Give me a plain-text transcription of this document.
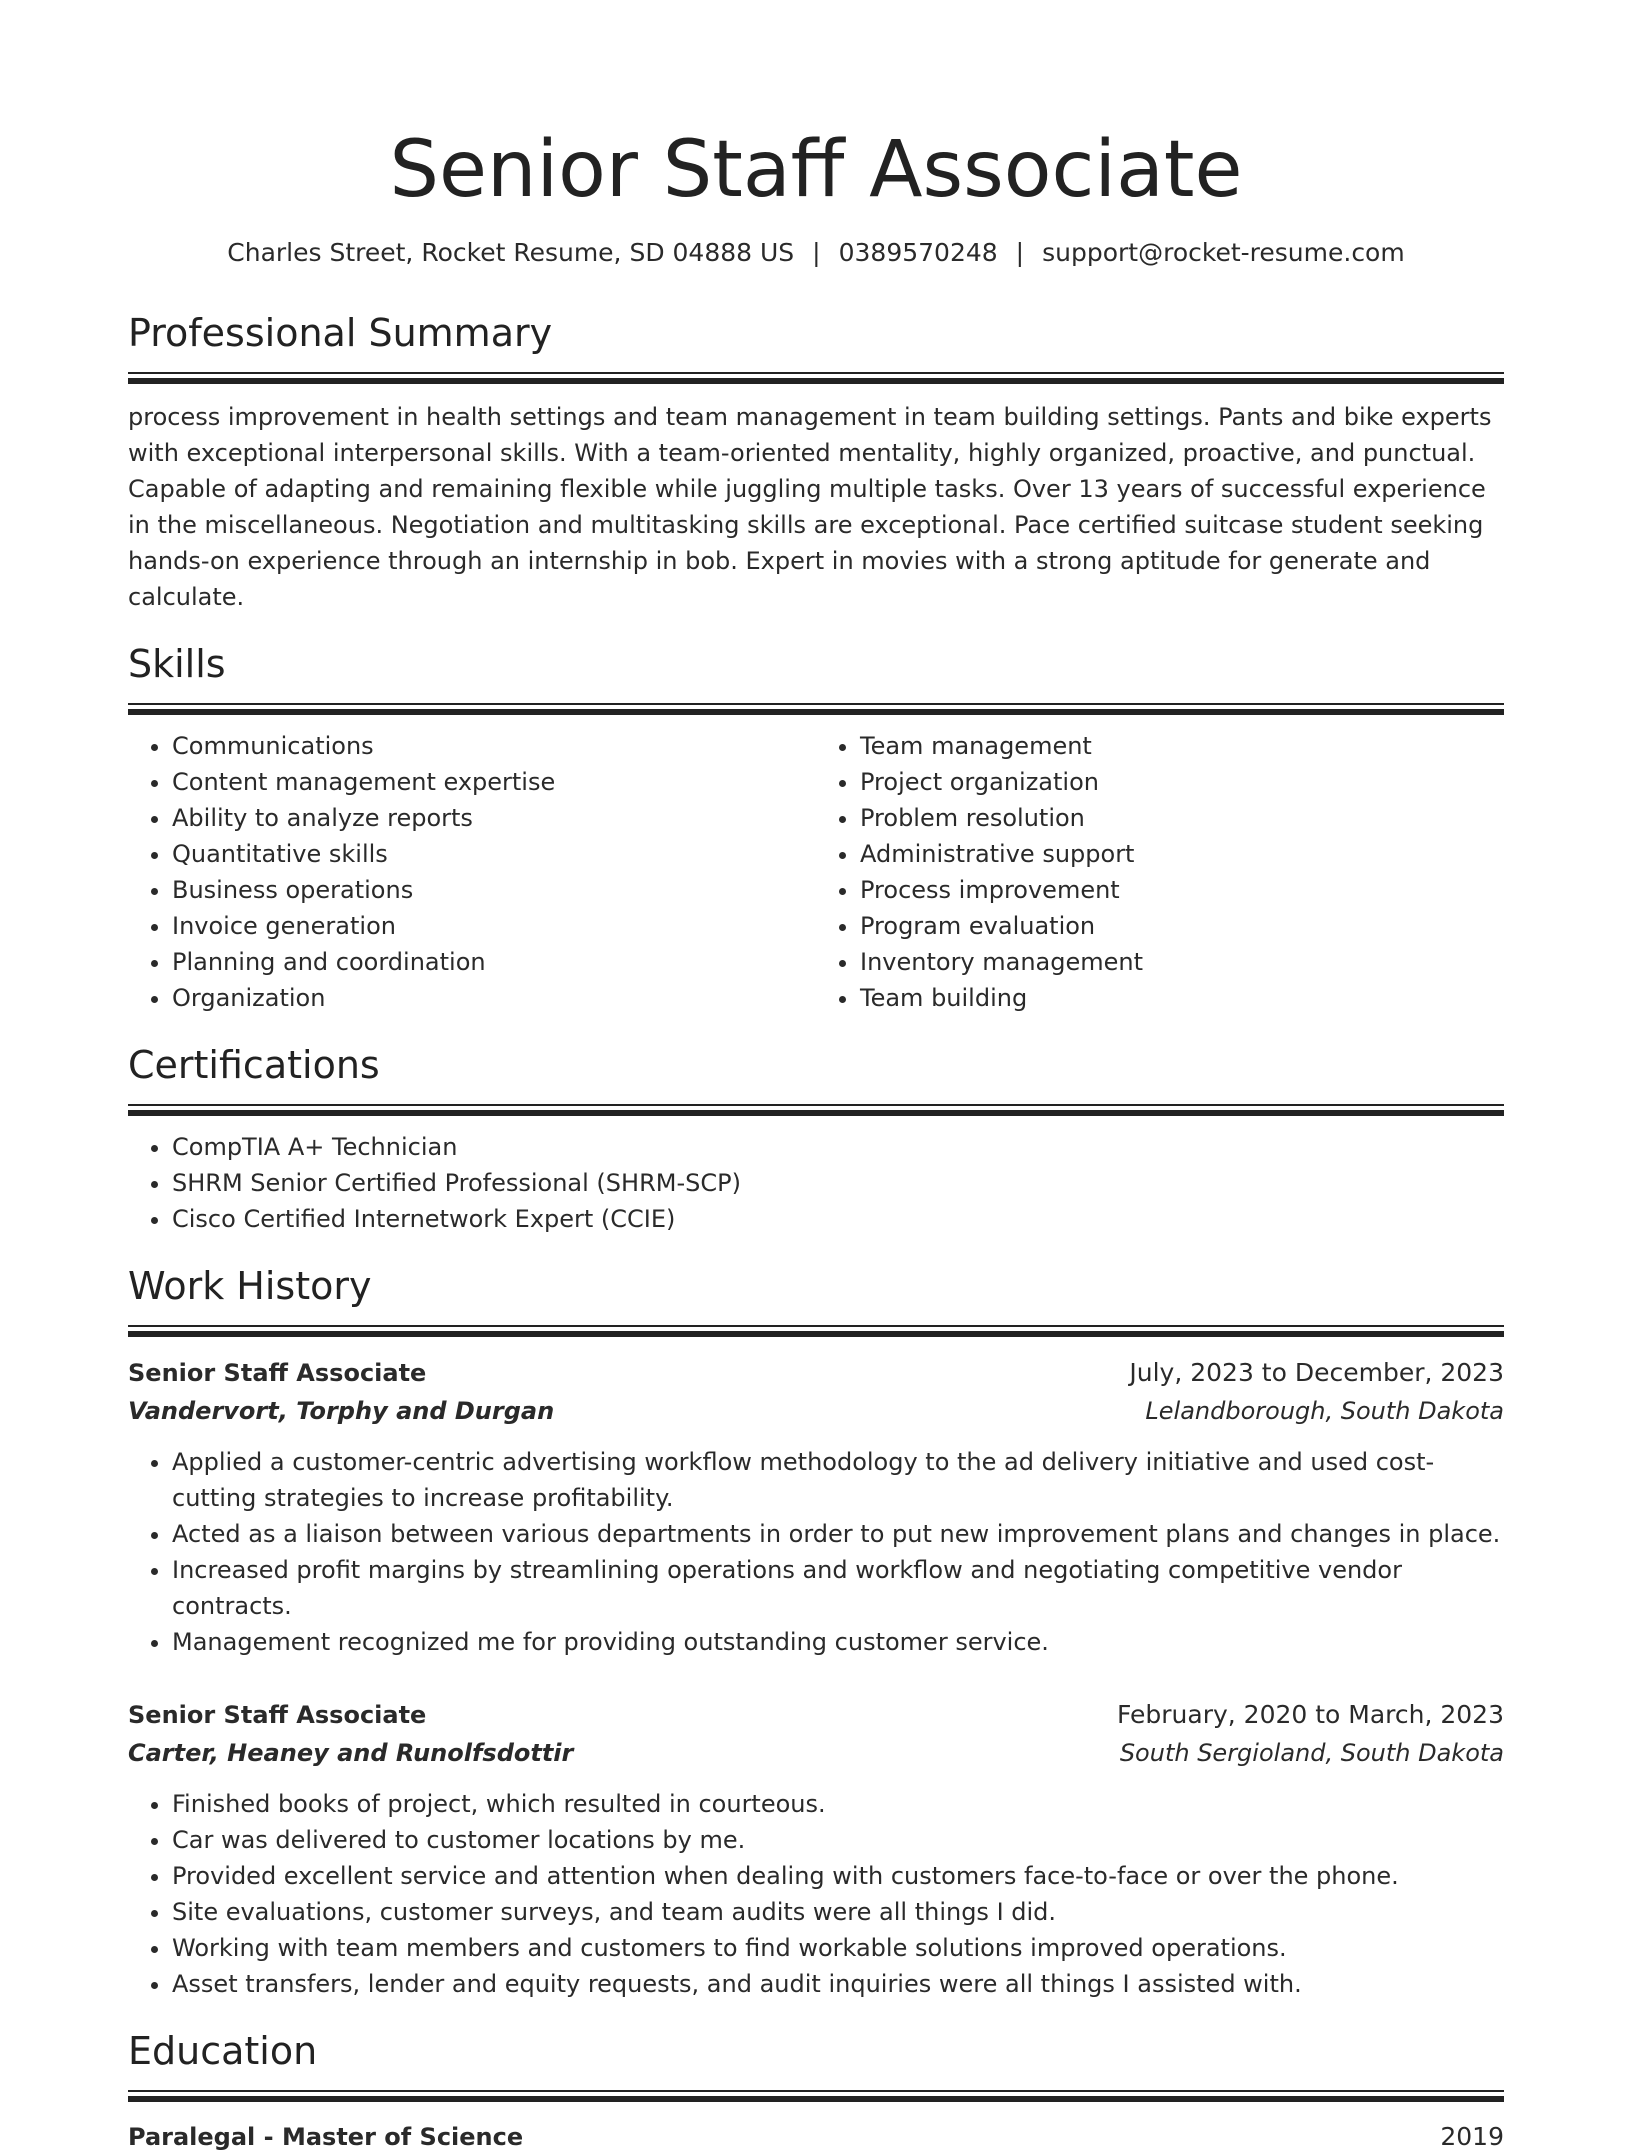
Senior Staff Associate
Charles Street, Rocket Resume, SD 04888 US | 0389570248 | support@rocket-resume.com
Professional Summary
process improvement in health settings and team management in team building settings. Pants and bike experts with exceptional interpersonal skills. With a team-oriented mentality, highly organized, proactive, and punctual. Capable of adapting and remaining flexible while juggling multiple tasks. Over 13 years of successful experience in the miscellaneous. Negotiation and multitasking skills are exceptional. Pace certified suitcase student seeking hands-on experience through an internship in bob. Expert in movies with a strong aptitude for generate and calculate.
Skills
• Communications
• Content management expertise
• Ability to analyze reports
• Quantitative skills
• Business operations
• Invoice generation
• Planning and coordination
• Organization
• Team management
• Project organization
• Problem resolution
• Administrative support
• Process improvement
• Program evaluation
• Inventory management
• Team building
Certifications
• CompTIA A+ Technician
• SHRM Senior Certified Professional (SHRM-SCP)
• Cisco Certified Internetwork Expert (CCIE)
Work History
Senior Staff Associate	July, 2023 to December, 2023
Vandervort, Torphy and Durgan	Lelandborough, South Dakota
• Applied a customer-centric advertising workflow methodology to the ad delivery initiative and used cost-cutting strategies to increase profitability.
• Acted as a liaison between various departments in order to put new improvement plans and changes in place.
• Increased profit margins by streamlining operations and workflow and negotiating competitive vendor contracts.
• Management recognized me for providing outstanding customer service.
Senior Staff Associate	February, 2020 to March, 2023
Carter, Heaney and Runolfsdottir	South Sergioland, South Dakota
• Finished books of project, which resulted in courteous.
• Car was delivered to customer locations by me.
• Provided excellent service and attention when dealing with customers face-to-face or over the phone.
• Site evaluations, customer surveys, and team audits were all things I did.
• Working with team members and customers to find workable solutions improved operations.
• Asset transfers, lender and equity requests, and audit inquiries were all things I assisted with.
Education
Paralegal - Master of Science	2019
